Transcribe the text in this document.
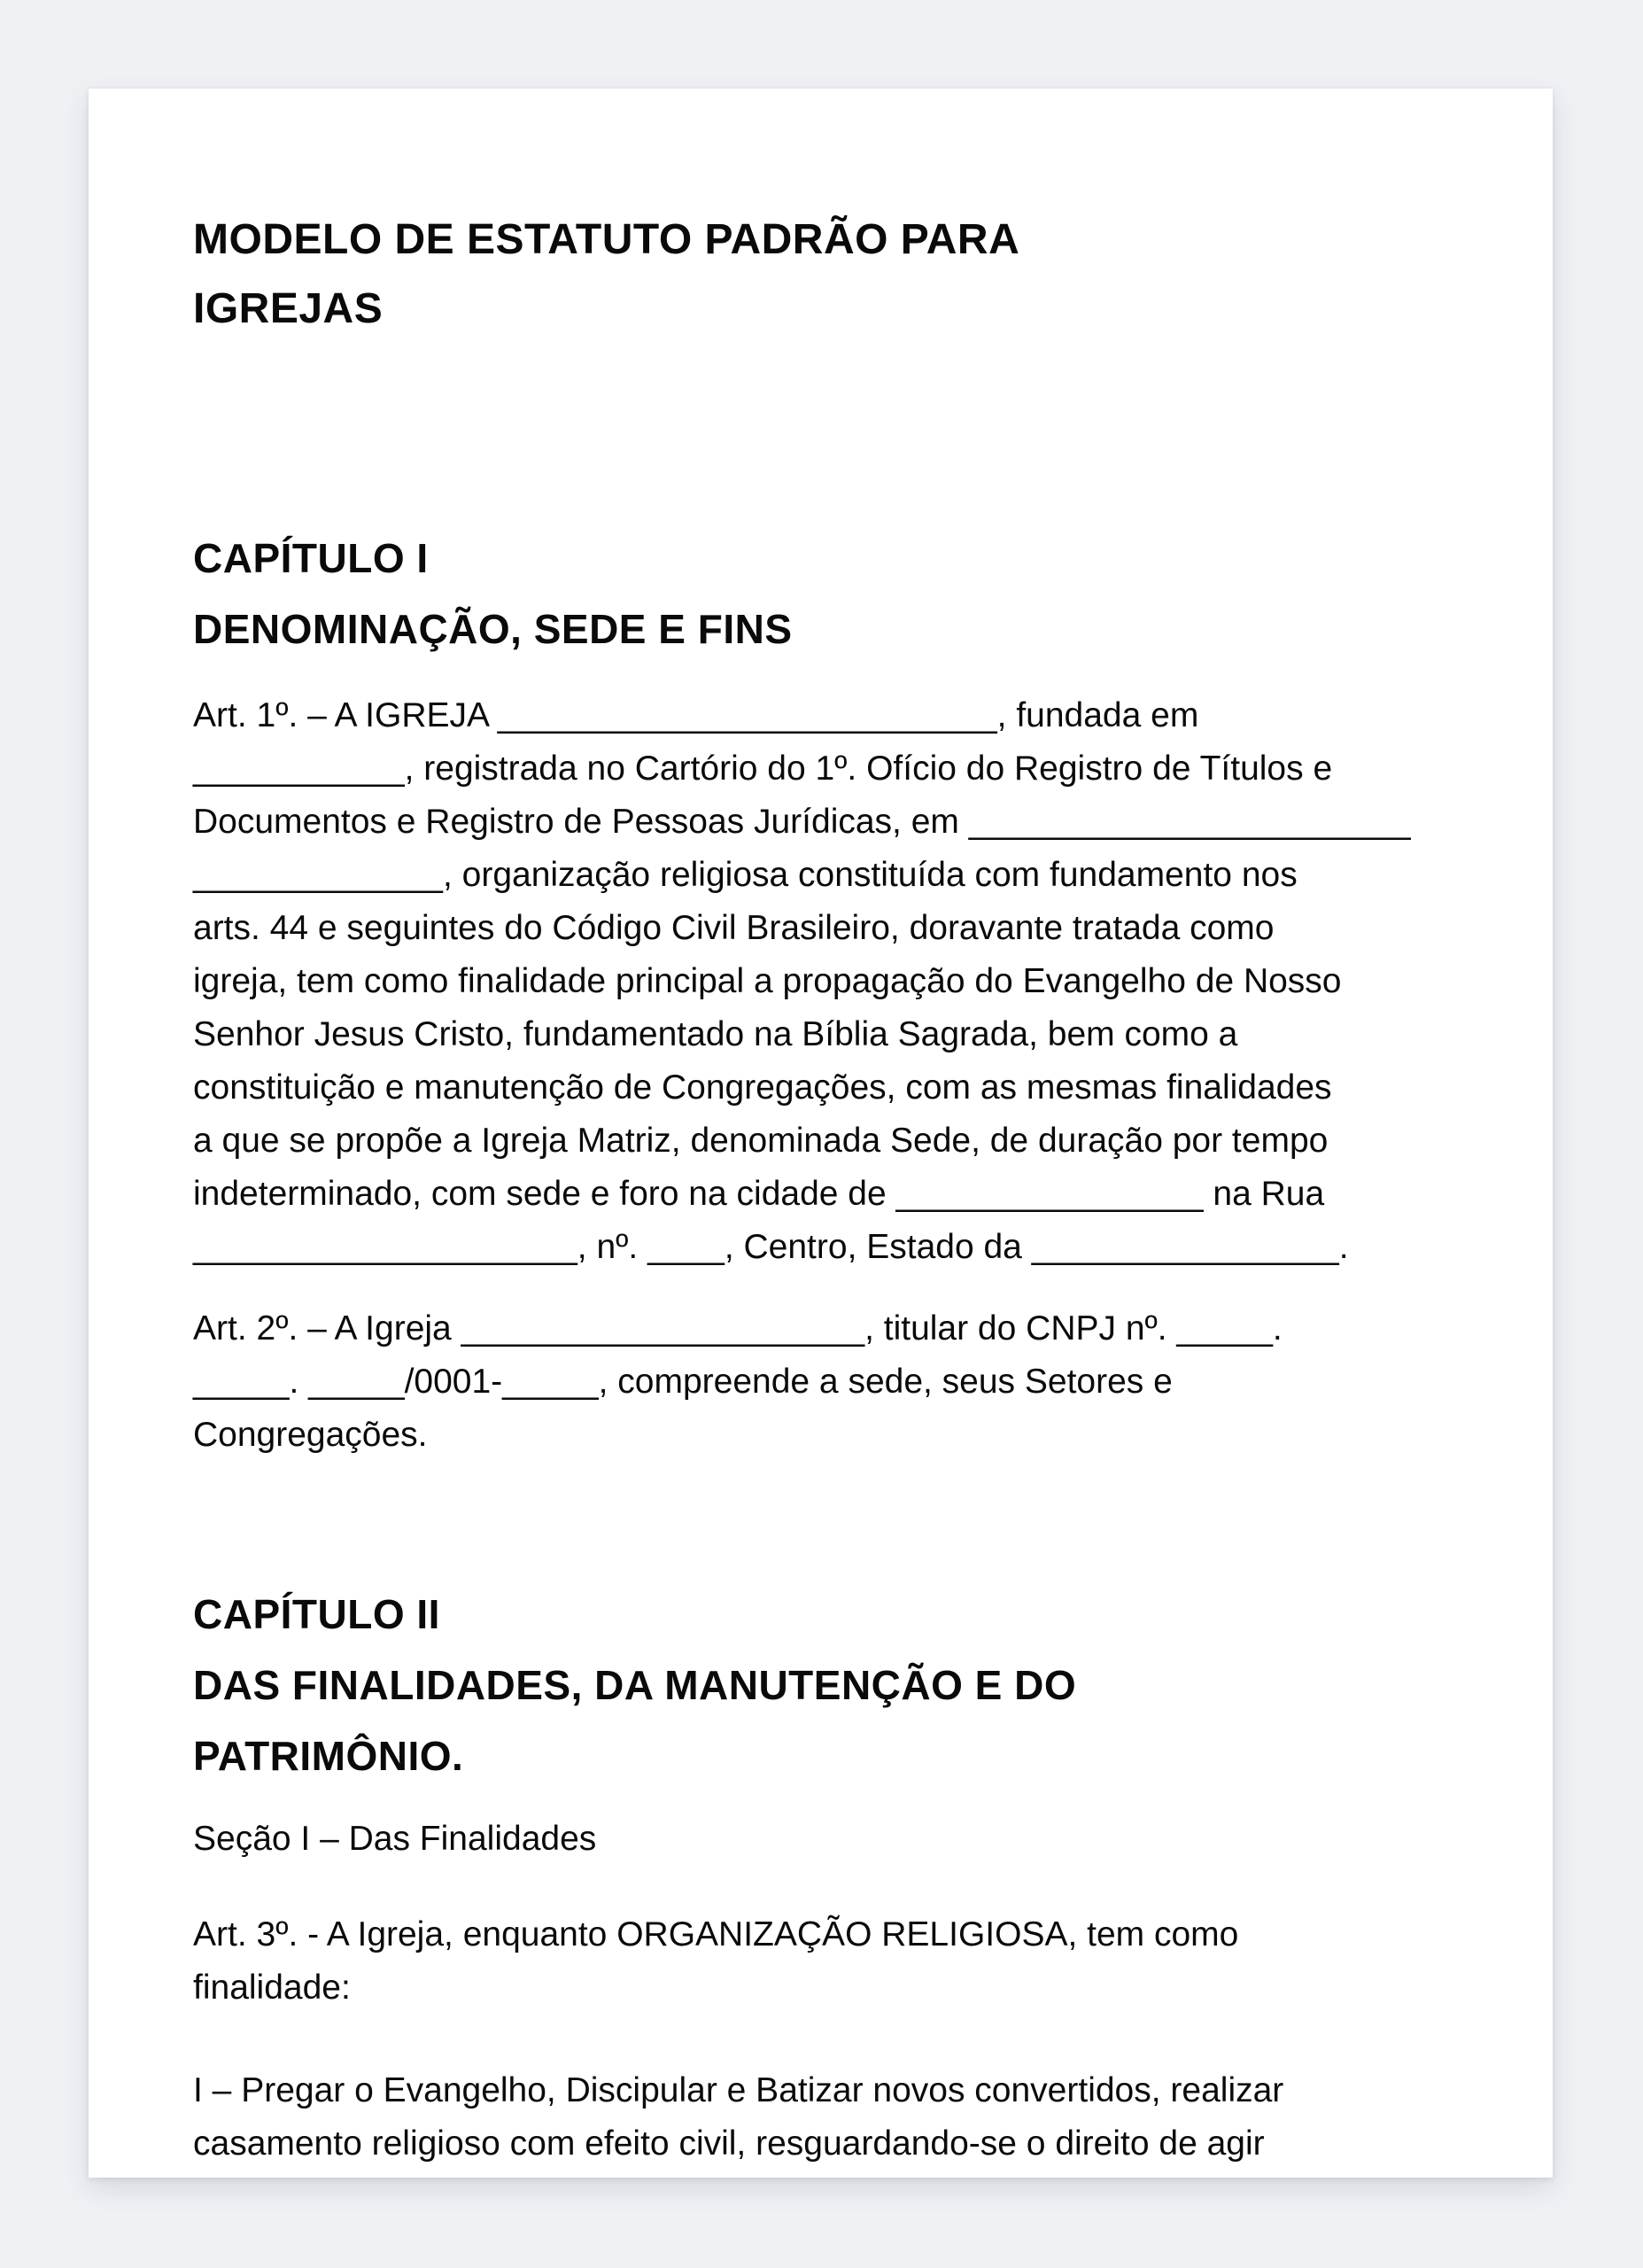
MODELO DE ESTATUTO PADRÃO PARA
IGREJAS
CAPÍTULO I
DENOMINAÇÃO, SEDE E FINS
Art. 1º. – A IGREJA __________________________, fundada em
___________, registrada no Cartório do 1º. Ofício do Registro de Títulos e
Documentos e Registro de Pessoas Jurídicas, em _______________________
_____________, organização religiosa constituída com fundamento nos
arts. 44 e seguintes do Código Civil Brasileiro, doravante tratada como
igreja, tem como finalidade principal a propagação do Evangelho de Nosso
Senhor Jesus Cristo, fundamentado na Bíblia Sagrada, bem como a
constituição e manutenção de Congregações, com as mesmas finalidades
a que se propõe a Igreja Matriz, denominada Sede, de duração por tempo
indeterminado, com sede e foro na cidade de ________________ na Rua
____________________, nº. ____, Centro, Estado da ________________.
Art. 2º. – A Igreja _____________________, titular do CNPJ nº. _____.
_____. _____/0001-_____, compreende a sede, seus Setores e
Congregações.
CAPÍTULO II
DAS FINALIDADES, DA MANUTENÇÃO E DO
PATRIMÔNIO.
Seção I – Das Finalidades
Art. 3º. - A Igreja, enquanto ORGANIZAÇÃO RELIGIOSA, tem como
finalidade:
I – Pregar o Evangelho, Discipular e Batizar novos convertidos, realizar
casamento religioso com efeito civil, resguardando-se o direito de agir
